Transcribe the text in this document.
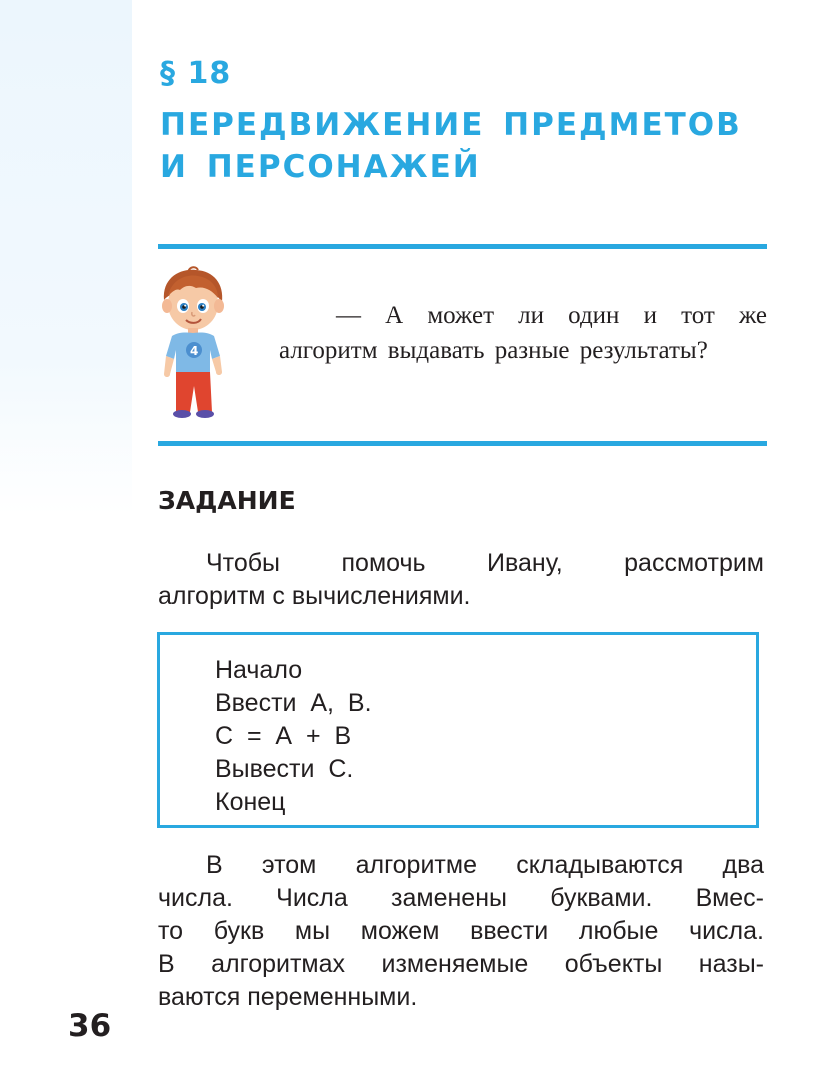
§ 18
ПЕРЕДВИЖЕНИЕ ПРЕДМЕТОВ
И ПЕРСОНАЖЕЙ
4

— А может ли один и тот же алгоритм выдавать разные результаты?

ЗАДАНИЕ

Чтобы помочь Ивану, рассмотрим
алгоритм с вычислениями.

Начало
Ввести  А,  В.
С  =  А  +  В
Вывести  С.
Конец

В этом алгоритме складываются два
числа. Числа заменены буквами. Вмес-
то букв мы можем ввести любые числа.
В алгоритмах изменяемые объекты назы-
ваются переменными.

36
